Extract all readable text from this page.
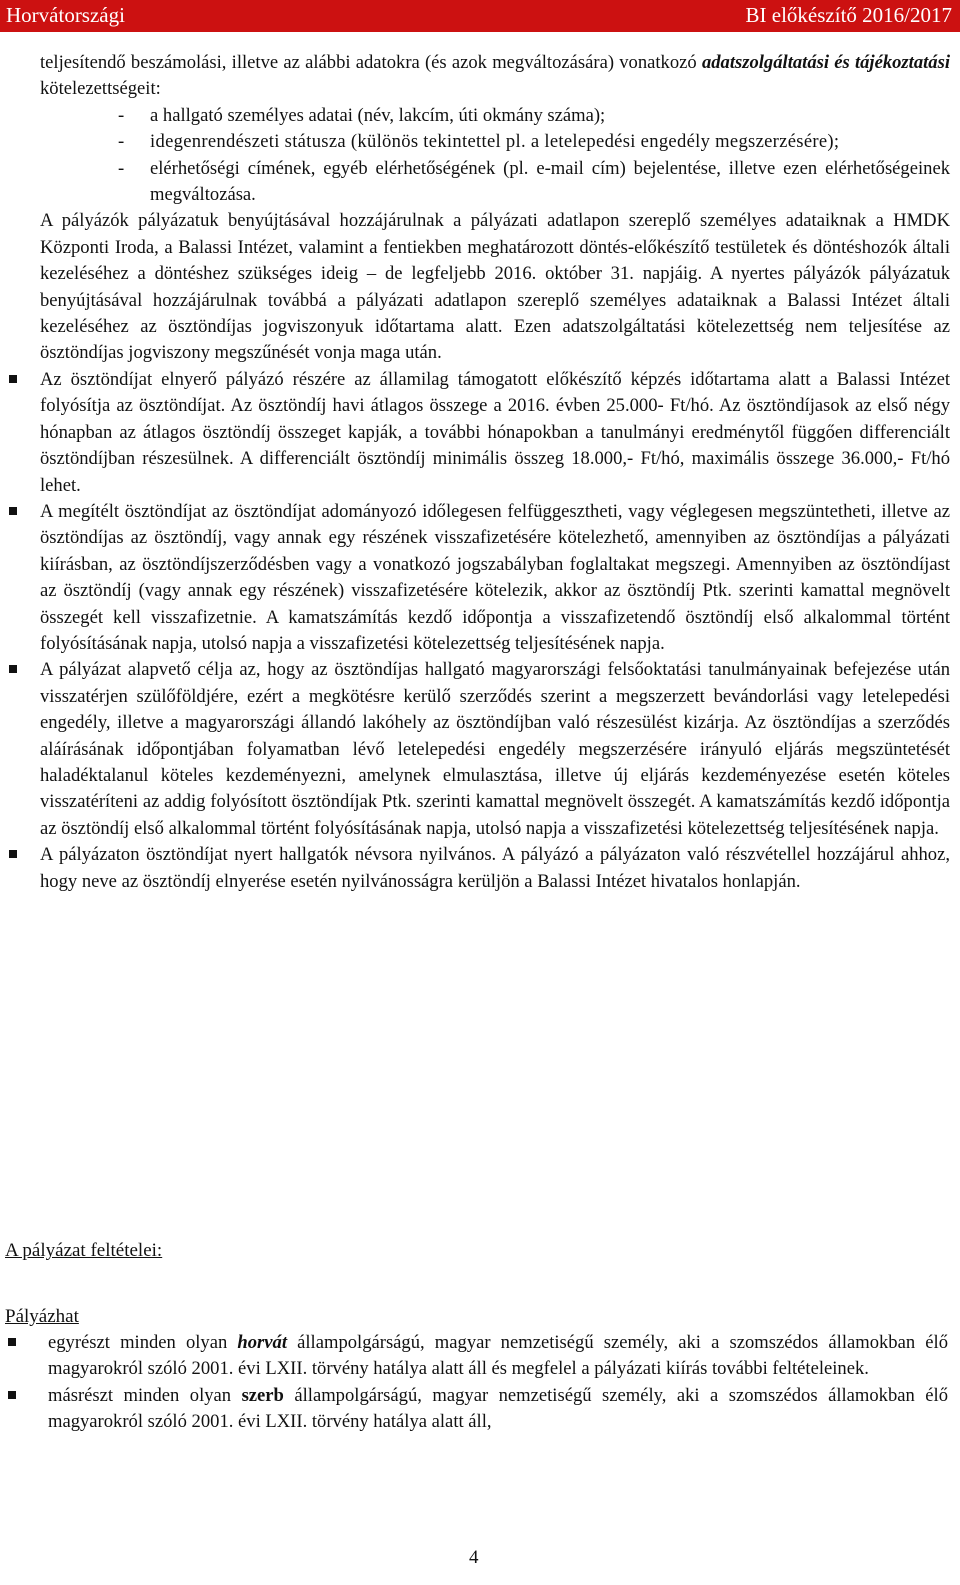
Horvátországi	BI előkészítő 2016/2017

teljesítendő beszámolási, illetve az alábbi adatokra (és azok megváltozására) vonatkozó adatszolgáltatási és tájékoztatási kötelezettségeit:

- a hallgató személyes adatai (név, lakcím, úti okmány száma);

- idegenrendészeti státusza (különös tekintettel pl. a letelepedési engedély megszerzésére);

- elérhetőségi címének, egyéb elérhetőségének (pl. e-mail cím) bejelentése, illetve ezen elérhetőségeinek megváltozása.

A pályázók pályázatuk benyújtásával hozzájárulnak a pályázati adatlapon szereplő személyes adataiknak a HMDK Központi Iroda, a Balassi Intézet, valamint a fentiekben meghatározott döntés-előkészítő testületek és döntéshozók általi kezeléséhez a döntéshez szükséges ideig – de legfeljebb 2016. október 31. napjáig. A nyertes pályázók pályázatuk benyújtásával hozzájárulnak továbbá a pályázati adatlapon szereplő személyes adataiknak a Balassi Intézet általi kezeléséhez az ösztöndíjas jogviszonyuk időtartama alatt. Ezen adatszolgáltatási kötelezettség nem teljesítése az ösztöndíjas jogviszony megszűnését vonja maga után.

Az ösztöndíjat elnyerő pályázó részére az államilag támogatott előkészítő képzés időtartama alatt a Balassi Intézet folyósítja az ösztöndíjat. Az ösztöndíj havi átlagos összege a 2016. évben 25.000- Ft/hó. Az ösztöndíjasok az első négy hónapban az átlagos ösztöndíj összeget kapják, a további hónapokban a tanulmányi eredménytől függően differenciált ösztöndíjban részesülnek. A differenciált ösztöndíj minimális összeg 18.000,- Ft/hó, maximális összege 36.000,- Ft/hó lehet.

A megítélt ösztöndíjat az ösztöndíjat adományozó időlegesen felfüggesztheti, vagy véglegesen megszüntetheti, illetve az ösztöndíjas az ösztöndíj, vagy annak egy részének visszafizetésére kötelezhető, amennyiben az ösztöndíjas a pályázati kiírásban, az ösztöndíjszerződésben vagy a vonatkozó jogszabályban foglaltakat megszegi. Amennyiben az ösztöndíjast az ösztöndíj (vagy annak egy részének) visszafizetésére kötelezik, akkor az ösztöndíj Ptk. szerinti kamattal megnövelt összegét kell visszafizetnie. A kamatszámítás kezdő időpontja a visszafizetendő ösztöndíj első alkalommal történt folyósításának napja, utolsó napja a visszafizetési kötelezettség teljesítésének napja.

A pályázat alapvető célja az, hogy az ösztöndíjas hallgató magyarországi felsőoktatási tanulmányainak befejezése után visszatérjen szülőföldjére, ezért a megkötésre kerülő szerződés szerint a megszerzett bevándorlási vagy letelepedési engedély, illetve a magyarországi állandó lakóhely az ösztöndíjban való részesülést kizárja. Az ösztöndíjas a szerződés aláírásának időpontjában folyamatban lévő letelepedési engedély megszerzésére irányuló eljárás megszüntetését haladéktalanul köteles kezdeményezni, amelynek elmulasztása, illetve új eljárás kezdeményezése esetén köteles visszatéríteni az addig folyósított ösztöndíjak Ptk. szerinti kamattal megnövelt összegét. A kamatszámítás kezdő időpontja az ösztöndíj első alkalommal történt folyósításának napja, utolsó napja a visszafizetési kötelezettség teljesítésének napja.

A pályázaton ösztöndíjat nyert hallgatók névsora nyilvános. A pályázó a pályázaton való részvétellel hozzájárul ahhoz, hogy neve az ösztöndíj elnyerése esetén nyilvánosságra kerüljön a Balassi Intézet hivatalos honlapján.

A pályázat feltételei:
Pályázhat

egyrészt minden olyan horvát állampolgárságú, magyar nemzetiségű személy, aki a szomszédos államokban élő magyarokról szóló 2001. évi LXII. törvény hatálya alatt áll és megfelel a pályázati kiírás további feltételeinek.

másrészt minden olyan szerb állampolgárságú, magyar nemzetiségű személy, aki a szomszédos államokban élő magyarokról szóló 2001. évi LXII. törvény hatálya alatt áll,

4
